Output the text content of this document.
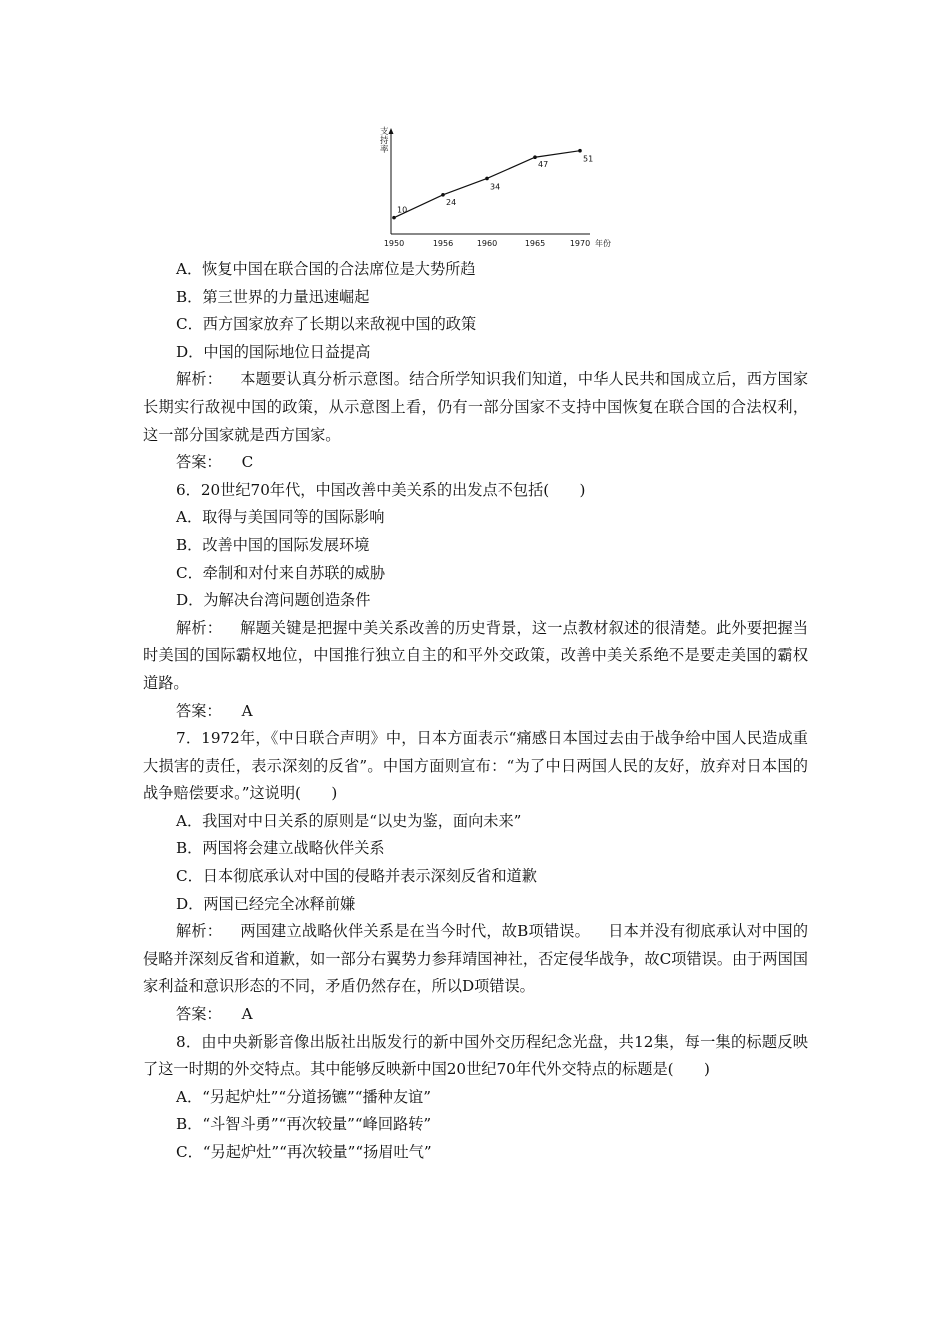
支持率
年份
1950	1956	1960	1965	1970
10
24
34
47
51
A．恢复中国在联合国的合法席位是大势所趋
B．第三世界的力量迅速崛起
C．西方国家放弃了长期以来敌视中国的政策
D．中国的国际地位日益提高
解析： 本题要认真分析示意图。结合所学知识我们知道，中华人民共和国成立后，西方国家长期实行敌视中国的政策，从示意图上看，仍有一部分国家不支持中国恢复在联合国的合法权利，这一部分国家就是西方国家。
答案： C
6．20世纪70年代，中国改善中美关系的出发点不包括(　　)
A．取得与美国同等的国际影响
B．改善中国的国际发展环境
C．牵制和对付来自苏联的威胁
D．为解决台湾问题创造条件
解析： 解题关键是把握中美关系改善的历史背景，这一点教材叙述的很清楚。此外要把握当时美国的国际霸权地位，中国推行独立自主的和平外交政策，改善中美关系绝不是要走美国的霸权道路。
答案： A
7．1972年，《中日联合声明》中，日本方面表示“痛感日本国过去由于战争给中国人民造成重大损害的责任，表示深刻的反省”。中国方面则宣布：“为了中日两国人民的友好，放弃对日本国的战争赔偿要求。”这说明(　　)
A．我国对中日关系的原则是“以史为鉴，面向未来”
B．两国将会建立战略伙伴关系
C．日本彻底承认对中国的侵略并表示深刻反省和道歉
D．两国已经完全冰释前嫌
解析： 两国建立战略伙伴关系是在当今时代，故B项错误。 日本并没有彻底承认对中国的侵略并深刻反省和道歉，如一部分右翼势力参拜靖国神社，否定侵华战争，故C项错误。由于两国国家利益和意识形态的不同，矛盾仍然存在，所以D项错误。
答案： A
8．由中央新影音像出版社出版发行的新中国外交历程纪念光盘，共12集，每一集的标题反映了这一时期的外交特点。其中能够反映新中国20世纪70年代外交特点的标题是(　　)
A．“另起炉灶”“分道扬镳”“播种友谊”
B．“斗智斗勇”“再次较量”“峰回路转”
C．“另起炉灶”“再次较量”“扬眉吐气”
